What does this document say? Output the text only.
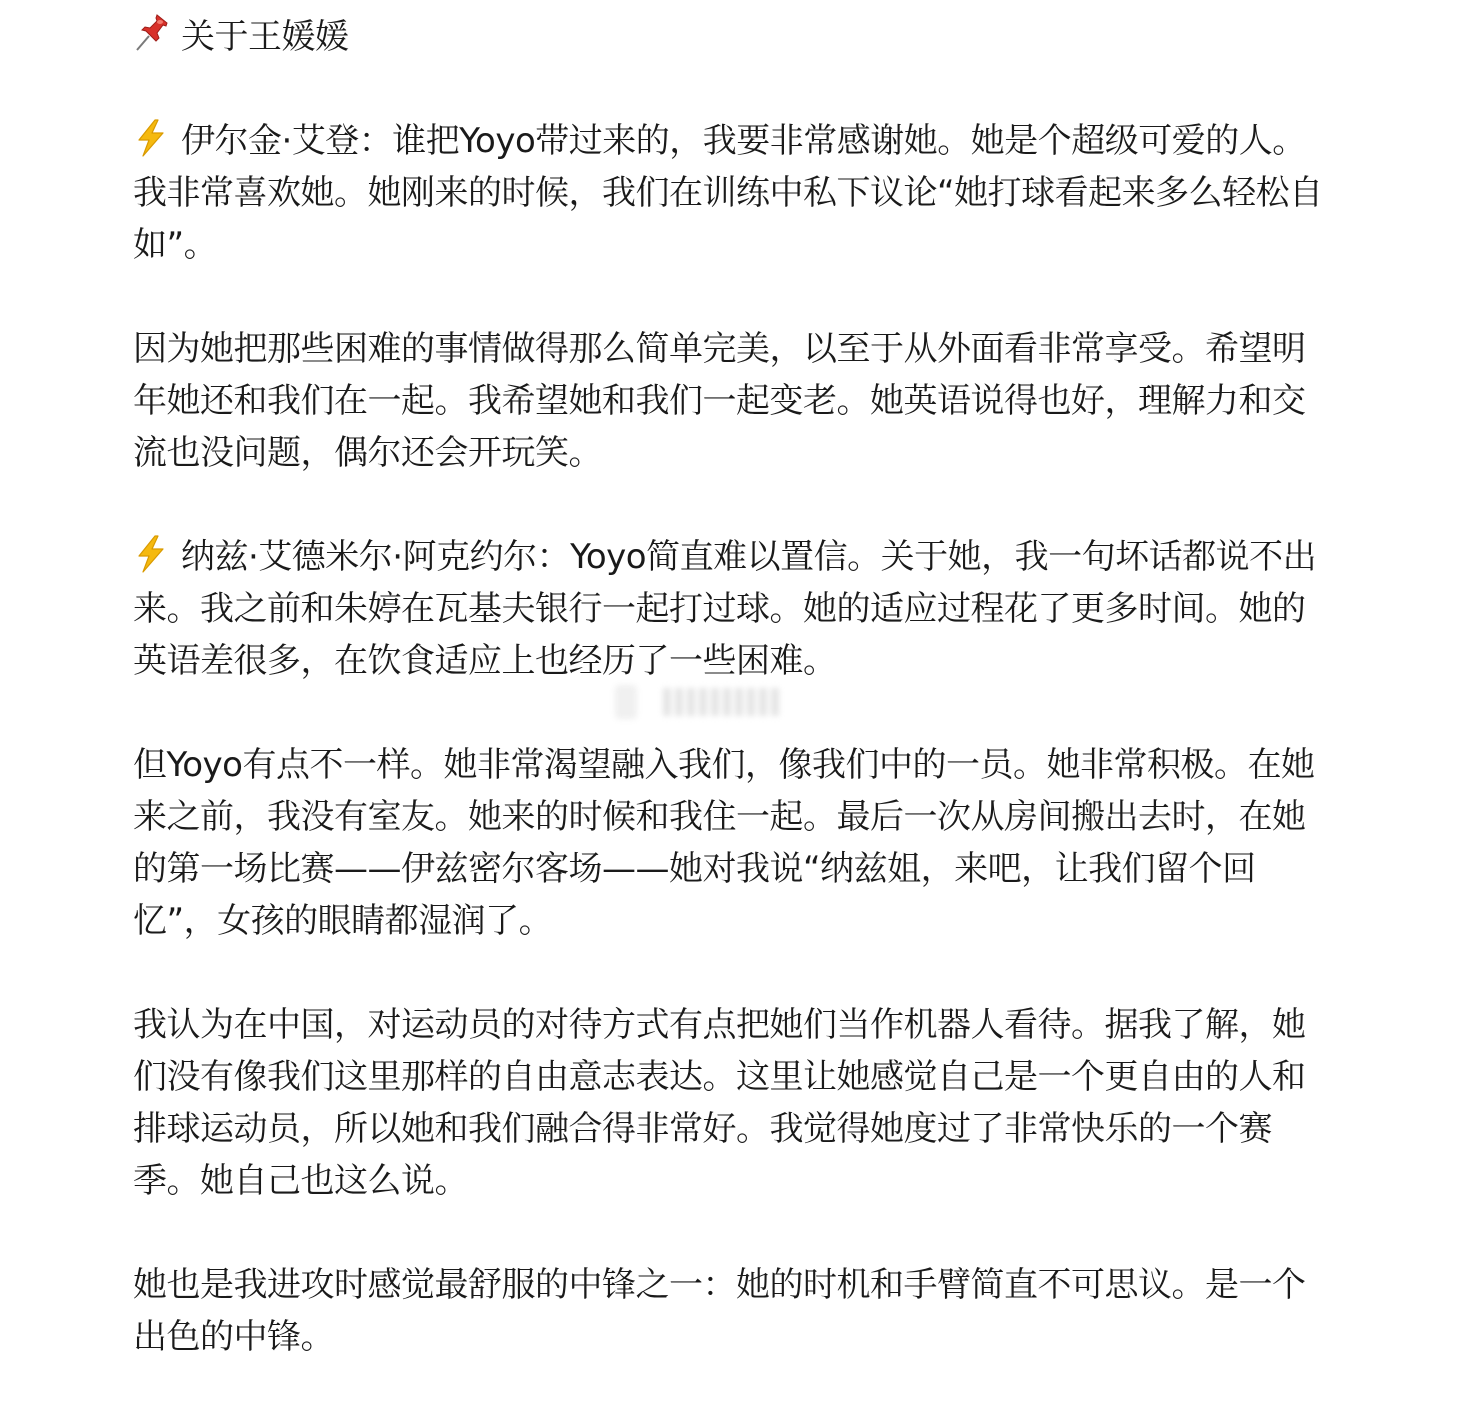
关于王媛媛

伊尔金·艾登：谁把Yoyo带过来的，我要非常感谢她。她是个超级可爱的人。我非常喜欢她。她刚来的时候，我们在训练中私下议论“她打球看起来多么轻松自如”。

因为她把那些困难的事情做得那么简单完美，以至于从外面看非常享受。希望明年她还和我们在一起。我希望她和我们一起变老。她英语说得也好，理解力和交流也没问题，偶尔还会开玩笑。

纳兹·艾德米尔·阿克约尔：Yoyo简直难以置信。关于她，我一句坏话都说不出来。我之前和朱婷在瓦基夫银行一起打过球。她的适应过程花了更多时间。她的英语差很多，在饮食适应上也经历了一些困难。

但Yoyo有点不一样。她非常渴望融入我们，像我们中的一员。她非常积极。在她来之前，我没有室友。她来的时候和我住一起。最后一次从房间搬出去时，在她的第一场比赛——伊兹密尔客场——她对我说“纳兹姐，来吧，让我们留个回忆”，女孩的眼睛都湿润了。

我认为在中国，对运动员的对待方式有点把她们当作机器人看待。据我了解，她们没有像我们这里那样的自由意志表达。这里让她感觉自己是一个更自由的人和排球运动员，所以她和我们融合得非常好。我觉得她度过了非常快乐的一个赛季。她自己也这么说。

她也是我进攻时感觉最舒服的中锋之一：她的时机和手臂简直不可思议。是一个出色的中锋。
